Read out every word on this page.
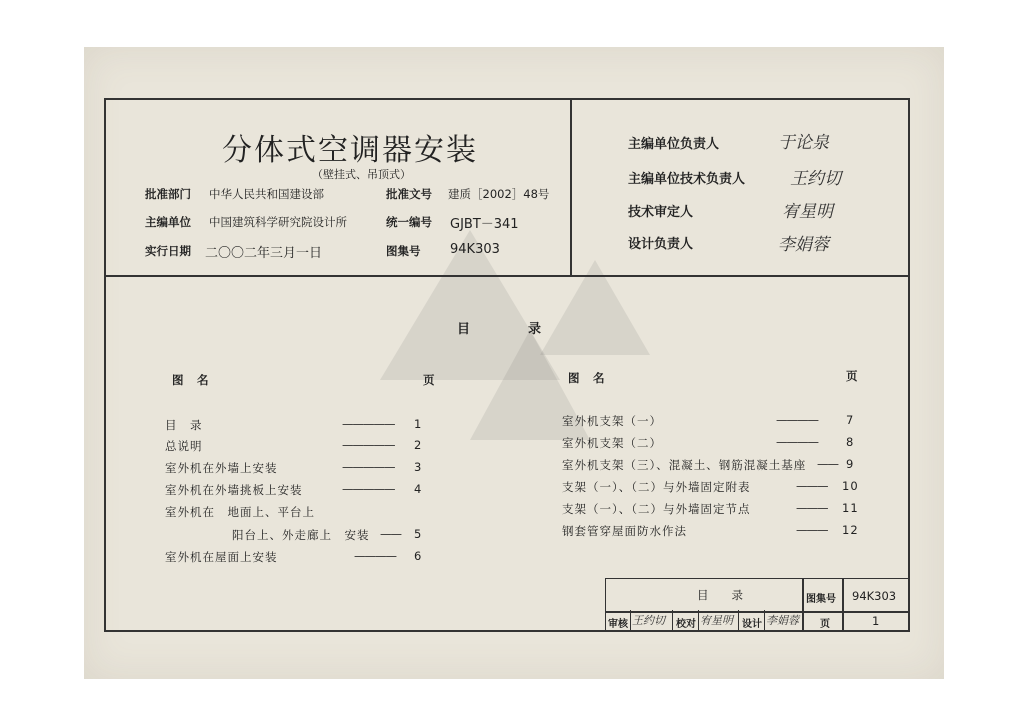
分体式空调器安装
（壁挂式、吊顶式）
批准部门 中华人民共和国建设部	批准文号 建质［2002］48号
主编单位 中国建筑科学研究院设计所	统一编号 GJBT－341
实行日期 二〇〇二年三月一日	图集号 94K303
主编单位负责人	于论泉
主编单位技术负责人	王约切
技术审定人	宥星明
设计负责人	李娟蓉
目	录
图　名	页	图　名	页
目　录	————— 1
总说明	————— 2
室外机在外墙上安装	————— 3
室外机在外墙挑板上安装	————— 4
室外机在　地面上、平台上
阳台上、外走廊上　安装 —— 5
室外机在屋面上安装	———— 6
室外机支架（一）	———— 7
室外机支架（二）	———— 8
室外机支架（三）、混凝土、钢筋混凝土基座 —— 9
支架（一）、（二）与外墙固定附表	——— 10
支架（一）、（二）与外墙固定节点	——— 11
钢套管穿屋面防水作法	——— 12
目　　录	图集号 94K303
审核 王约切 校对 宥星明 设计 李娟蓉 页	1
